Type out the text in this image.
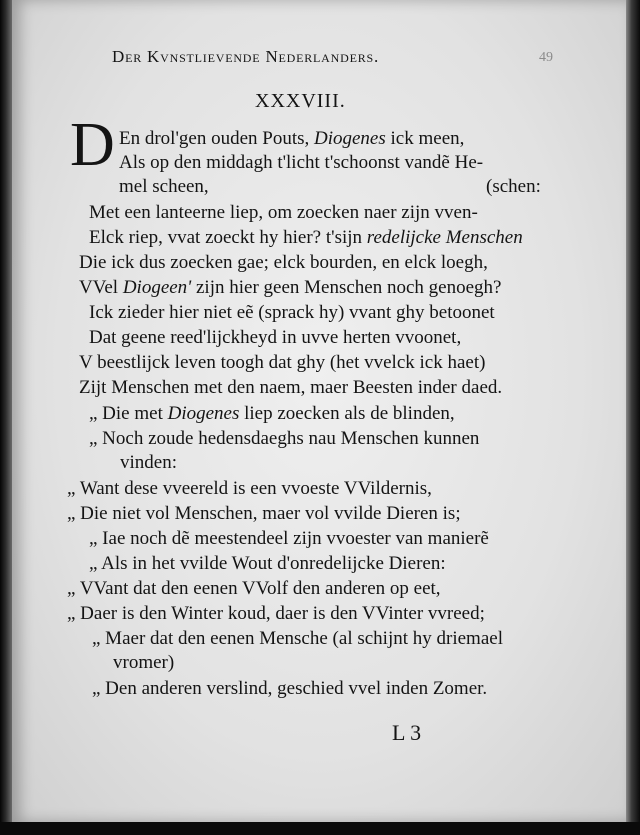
Der Kvnstlievende Nederlanders.	49
XXXVIII.
D En drol'gen ouden Pouts, Diogenes ick meen,
Als op den middagh t'licht t'schoonst vandẽ He-
mel scheen,	(schen:
Met een lanteerne liep, om zoecken naer zijn vven-
Elck riep, vvat zoeckt hy hier? t'sijn redelijcke Menschen
Die ick dus zoecken gae; elck bourden, en elck loegh,
VVel Diogeen' zijn hier geen Menschen noch genoegh?
Ick zieder hier niet eẽ (sprack hy) vvant ghy betoonet
Dat geene reed'lijckheyd in uvve herten vvoonet,
V beestlijck leven toogh dat ghy (het vvelck ick haet)
Zijt Menschen met den naem, maer Beesten inder daed.
„ Die met Diogenes liep zoecken als de blinden,
„ Noch zoude hedensdaeghs nau Menschen kunnen
vinden:
„ Want dese vveereld is een vvoeste VVildernis,
„ Die niet vol Menschen, maer vol vvilde Dieren is;
„ Iae noch dẽ meestendeel zijn vvoester van manierẽ
„ Als in het vvilde Wout d'onredelijcke Dieren:
„ VVant dat den eenen VVolf den anderen op eet,
„ Daer is den Winter koud, daer is den VVinter vvreed;
„ Maer dat den eenen Mensche (al schijnt hy driemael
vromer)
„ Den anderen verslind, geschied vvel inden Zomer.
L 3
